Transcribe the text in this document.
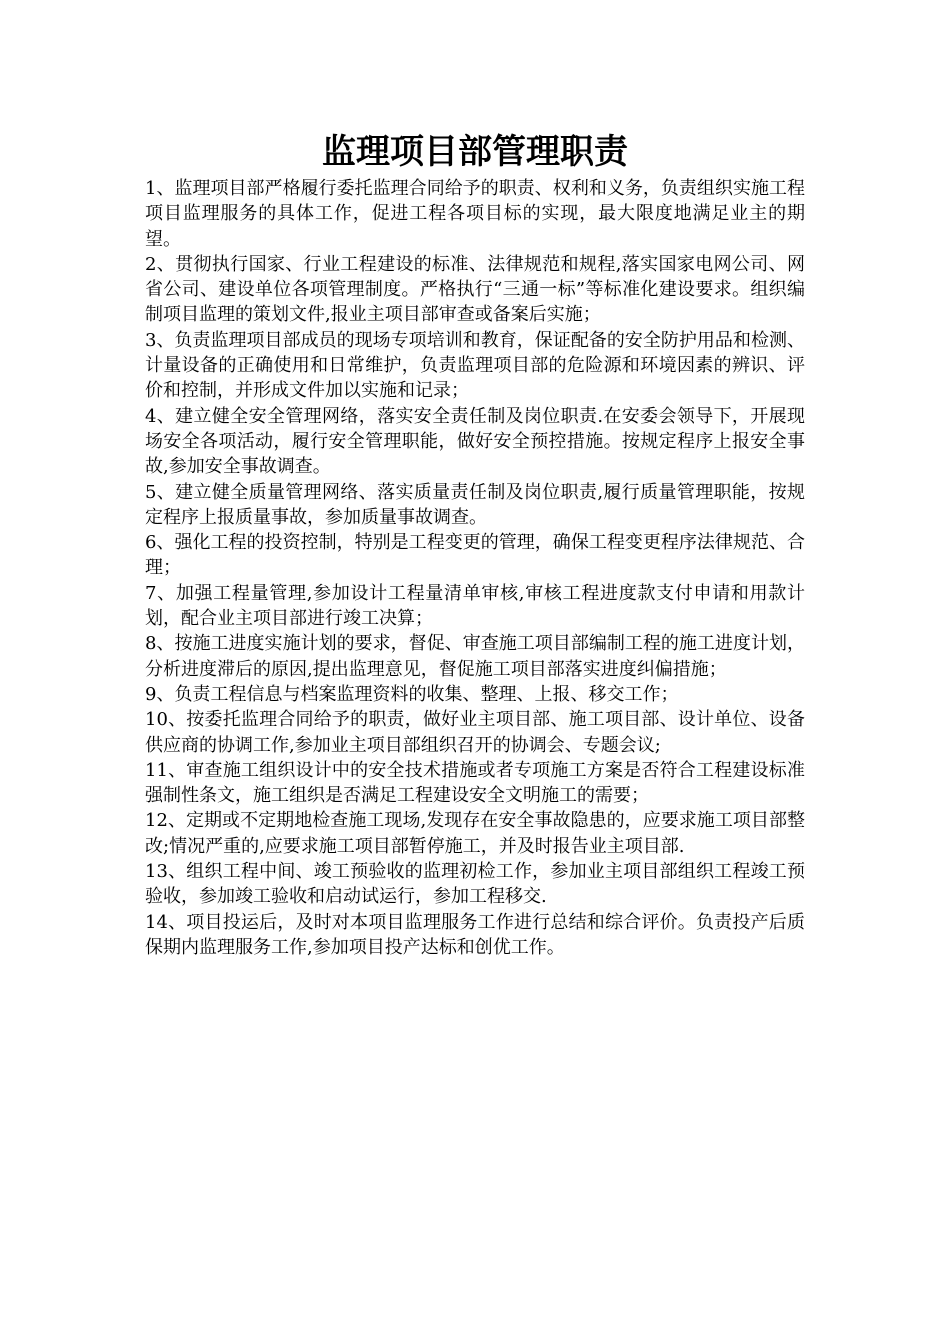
监理项目部管理职责

1、监理项目部严格履行委托监理合同给予的职责、权利和义务，负责组织实施工程项目监理服务的具体工作，促进工程各项目标的实现，最大限度地满足业主的期望。

2、贯彻执行国家、行业工程建设的标准、法律规范和规程,落实国家电网公司、网省公司、建设单位各项管理制度。严格执行“三通一标”等标准化建设要求。组织编制项目监理的策划文件,报业主项目部审查或备案后实施；

3、负责监理项目部成员的现场专项培训和教育，保证配备的安全防护用品和检测、计量设备的正确使用和日常维护，负责监理项目部的危险源和环境因素的辨识、评价和控制，并形成文件加以实施和记录；

4、建立健全安全管理网络，落实安全责任制及岗位职责.在安委会领导下，开展现场安全各项活动，履行安全管理职能，做好安全预控措施。按规定程序上报安全事故,参加安全事故调查。

5、建立健全质量管理网络、落实质量责任制及岗位职责,履行质量管理职能，按规定程序上报质量事故，参加质量事故调查。

6、强化工程的投资控制，特别是工程变更的管理，确保工程变更程序法律规范、合理；

7、加强工程量管理,参加设计工程量清单审核,审核工程进度款支付申请和用款计划，配合业主项目部进行竣工决算；

8、按施工进度实施计划的要求，督促、审查施工项目部编制工程的施工进度计划，分析进度滞后的原因,提出监理意见，督促施工项目部落实进度纠偏措施；

9、负责工程信息与档案监理资料的收集、整理、上报、移交工作；

10、按委托监理合同给予的职责，做好业主项目部、施工项目部、设计单位、设备供应商的协调工作,参加业主项目部组织召开的协调会、专题会议;

11、审查施工组织设计中的安全技术措施或者专项施工方案是否符合工程建设标准强制性条文，施工组织是否满足工程建设安全文明施工的需要；

12、定期或不定期地检查施工现场,发现存在安全事故隐患的，应要求施工项目部整改;情况严重的,应要求施工项目部暂停施工，并及时报告业主项目部.

13、组织工程中间、竣工预验收的监理初检工作，参加业主项目部组织工程竣工预验收，参加竣工验收和启动试运行，参加工程移交.

14、项目投运后，及时对本项目监理服务工作进行总结和综合评价。负责投产后质保期内监理服务工作,参加项目投产达标和创优工作。
